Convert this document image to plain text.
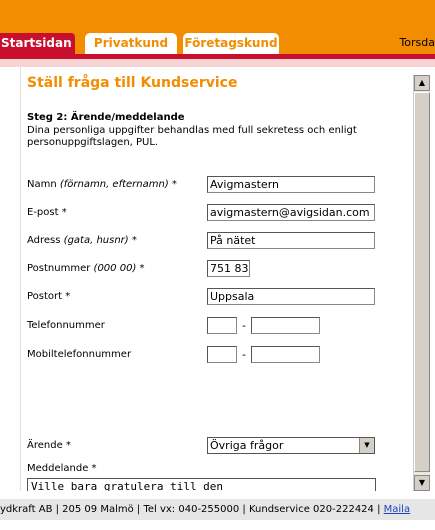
Startsidan	Privatkund	Företagskund	Torsda
Ställ fråga till Kundservice
Steg 2: Ärende/meddelande
Dina personliga uppgifter behandlas med full sekretess och enligt personuppgiftslagen, PUL.
Namn (förnamn, efternamn) *	Avigmastern
E-post *	avigmastern@avigsidan.com
Adress (gata, husnr) *	På nätet
Postnummer (000 00) *	751 83
Postort *	Uppsala
Telefonnummer	-
Mobiltelefonnummer	-
Ärende *	Övriga frågor	▼
Meddelande *
Ville bara gratulera till den
▲
▼
ydkraft AB | 205 09 Malmö | Tel vx: 040-255000 | Kundservice 020-222424 | Maila
